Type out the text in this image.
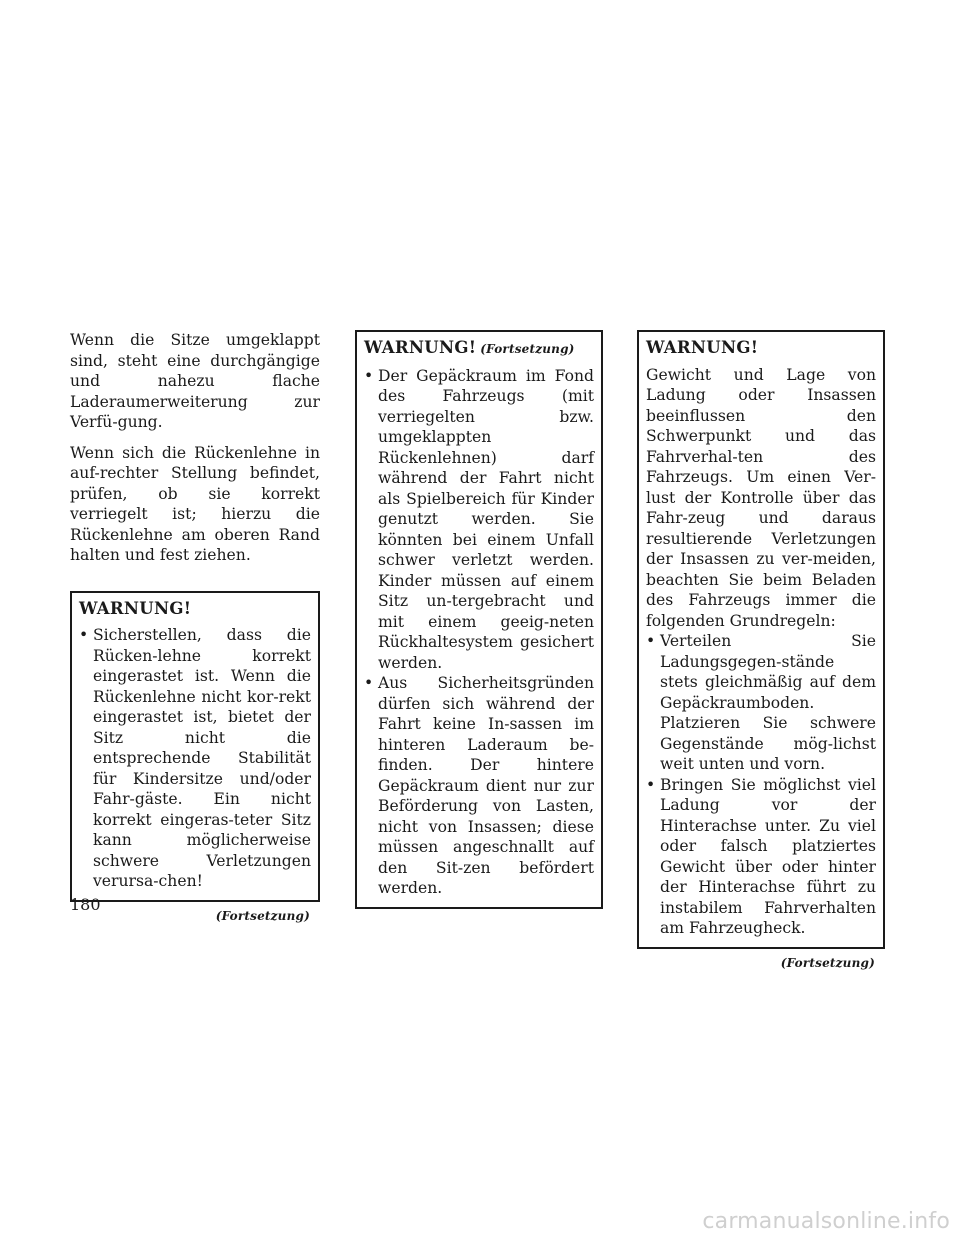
Wenn die Sitze umgeklappt sind, steht eine durchgängige und nahezu flache Laderaumerweiterung zur Verfü-gung.

Wenn sich die Rückenlehne in auf-rechter Stellung befindet, prüfen, ob sie korrekt verriegelt ist; hierzu die Rückenlehne am oberen Rand halten und fest ziehen.

WARNUNG!
• Sicherstellen, dass die Rücken-lehne korrekt eingerastet ist. Wenn die Rückenlehne nicht kor-rekt eingerastet ist, bietet der Sitz nicht die entsprechende Stabilität für Kindersitze und/oder Fahr-gäste. Ein nicht korrekt eingeras-teter Sitz kann möglicherweise schwere Verletzungen verursa-chen!
(Fortsetzung)
WARNUNG! (Fortsetzung)
• Der Gepäckraum im Fond des Fahrzeugs (mit verriegelten bzw. umgeklappten Rückenlehnen) darf während der Fahrt nicht als Spielbereich für Kinder genutzt werden. Sie könnten bei einem Unfall schwer verletzt werden. Kinder müssen auf einem Sitz un-tergebracht und mit einem geeig-neten Rückhaltesystem gesichert werden.
• Aus Sicherheitsgründen dürfen sich während der Fahrt keine In-sassen im hinteren Laderaum be-finden. Der hintere Gepäckraum dient nur zur Beförderung von Lasten, nicht von Insassen; diese müssen angeschnallt auf den Sit-zen befördert werden.
WARNUNG!

Gewicht und Lage von Ladung oder Insassen beeinflussen den Schwerpunkt und das Fahrverhal-ten des Fahrzeugs. Um einen Ver-lust der Kontrolle über das Fahr-zeug und daraus resultierende Verletzungen der Insassen zu ver-meiden, beachten Sie beim Beladen des Fahrzeugs immer die folgenden Grundregeln:

• Verteilen Sie Ladungsgegen-stände stets gleichmäßig auf dem Gepäckraumboden. Platzieren Sie schwere Gegenstände mög-lichst weit unten und vorn.
• Bringen Sie möglichst viel Ladung vor der Hinterachse unter. Zu viel oder falsch platziertes Gewicht über oder hinter der Hinterachse führt zu instabilem Fahrverhalten am Fahrzeugheck.
(Fortsetzung)
180
carmanualsonline.info
